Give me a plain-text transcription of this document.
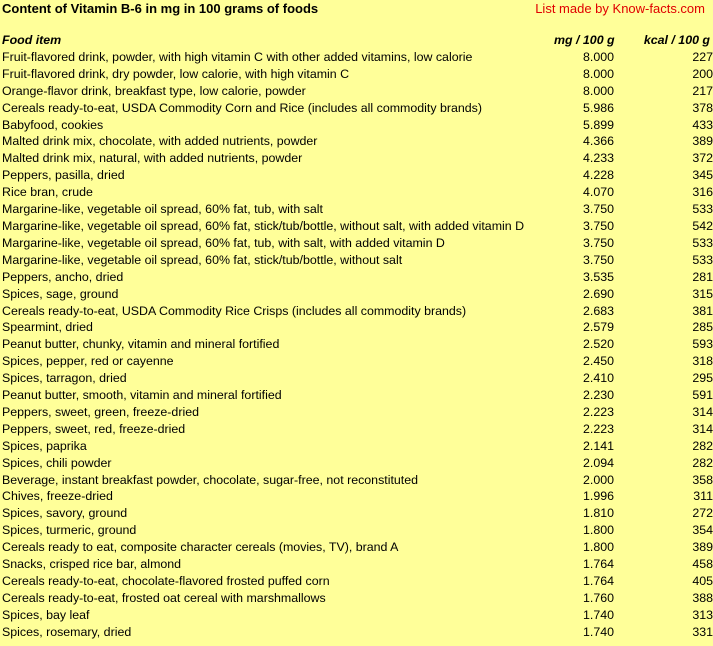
Content of Vitamin B-6 in mg in 100 grams of foods	List made by Know-facts.com
Food item	mg / 100 g	kcal / 100 g
Fruit-flavored drink, powder, with high vitamin C with other added vitamins, low calorie	8.000	227
Fruit-flavored drink, dry powder, low calorie, with high vitamin C	8.000	200
Orange-flavor drink, breakfast type, low calorie, powder	8.000	217
Cereals ready-to-eat, USDA Commodity Corn and Rice (includes all commodity brands)	5.986	378
Babyfood, cookies	5.899	433
Malted drink mix, chocolate, with added nutrients, powder	4.366	389
Malted drink mix, natural, with added nutrients, powder	4.233	372
Peppers, pasilla, dried	4.228	345
Rice bran, crude	4.070	316
Margarine-like, vegetable oil spread, 60% fat, tub, with salt	3.750	533
Margarine-like, vegetable oil spread, 60% fat, stick/tub/bottle, without salt, with added vitamin D	3.750	542
Margarine-like, vegetable oil spread, 60% fat, tub, with salt, with added vitamin D	3.750	533
Margarine-like, vegetable oil spread, 60% fat, stick/tub/bottle, without salt	3.750	533
Peppers, ancho, dried	3.535	281
Spices, sage, ground	2.690	315
Cereals ready-to-eat, USDA Commodity Rice Crisps (includes all commodity brands)	2.683	381
Spearmint, dried	2.579	285
Peanut butter, chunky, vitamin and mineral fortified	2.520	593
Spices, pepper, red or cayenne	2.450	318
Spices, tarragon, dried	2.410	295
Peanut butter, smooth, vitamin and mineral fortified	2.230	591
Peppers, sweet, green, freeze-dried	2.223	314
Peppers, sweet, red, freeze-dried	2.223	314
Spices, paprika	2.141	282
Spices, chili powder	2.094	282
Beverage, instant breakfast powder, chocolate, sugar-free, not reconstituted	2.000	358
Chives, freeze-dried	1.996	311
Spices, savory, ground	1.810	272
Spices, turmeric, ground	1.800	354
Cereals ready to eat, composite character cereals (movies, TV), brand A	1.800	389
Snacks, crisped rice bar, almond	1.764	458
Cereals ready-to-eat, chocolate-flavored frosted puffed corn	1.764	405
Cereals ready-to-eat, frosted oat cereal with marshmallows	1.760	388
Spices, bay leaf	1.740	313
Spices, rosemary, dried	1.740	331
